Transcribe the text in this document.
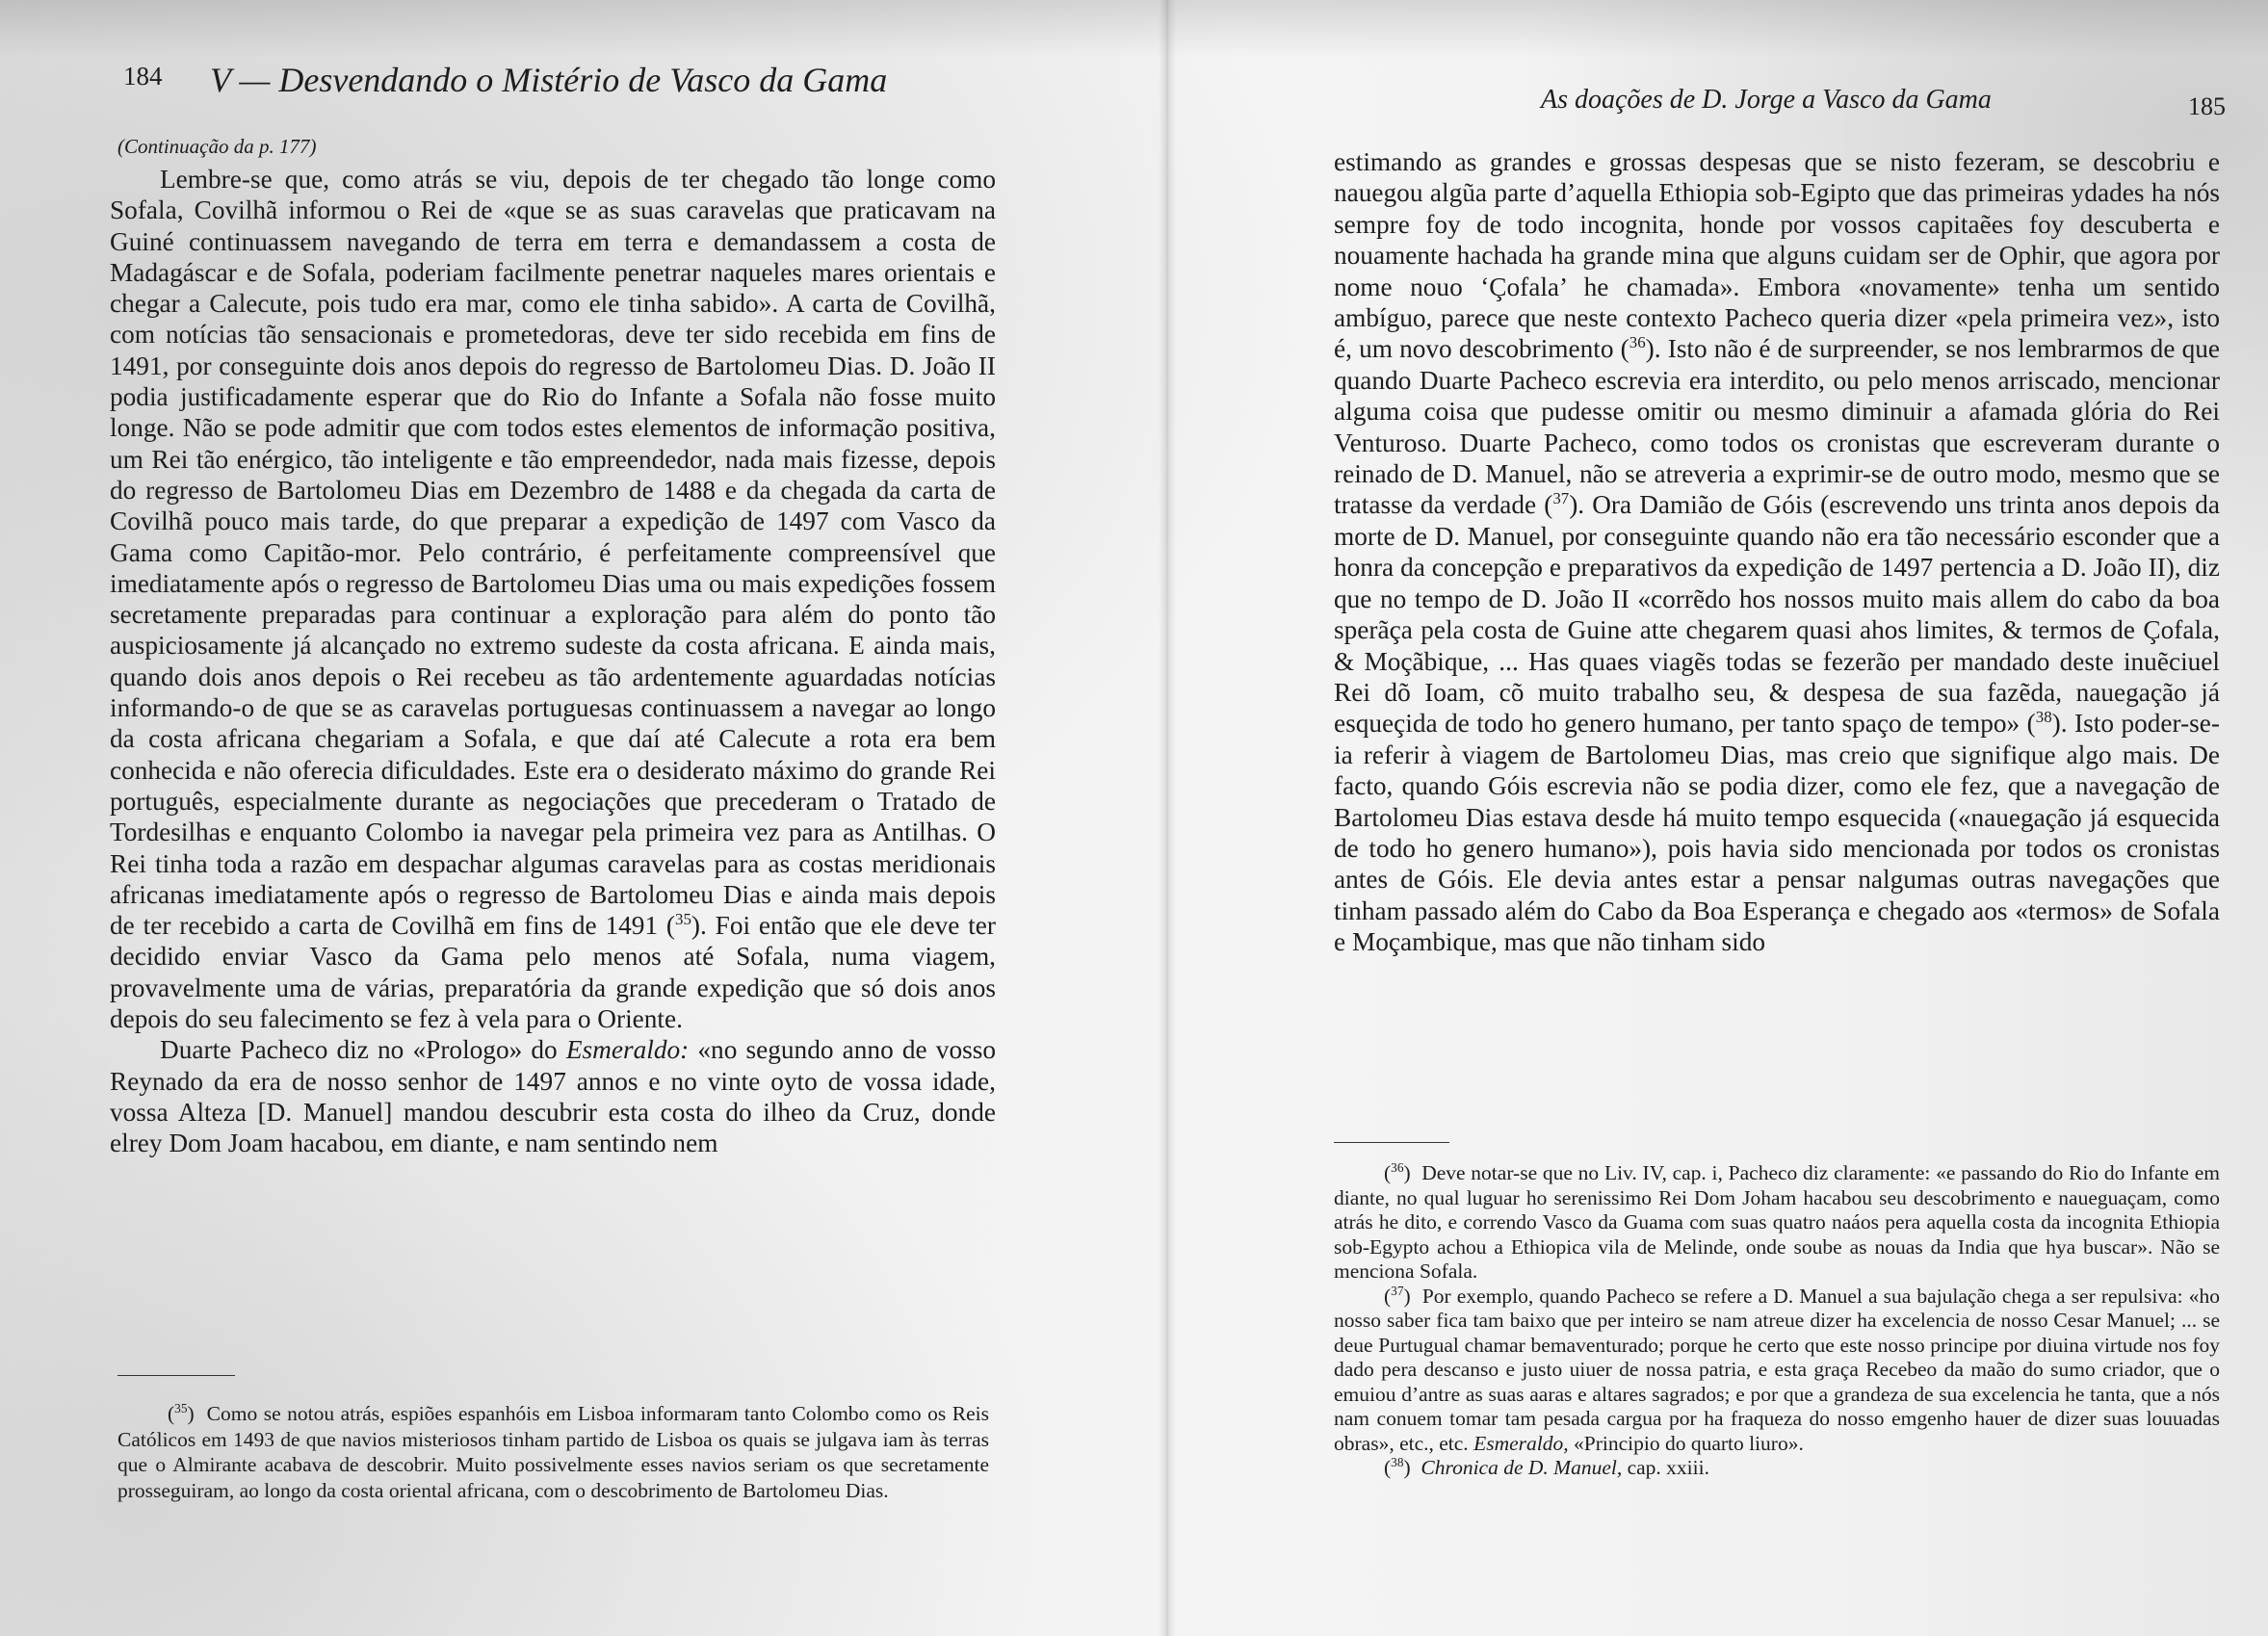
184 V — Desvendando o Mistério de Vasco da Gama
(Continuação da p. 177)

Lembre-se que, como atrás se viu, depois de ter chegado tão longe como Sofala, Covilhã informou o Rei de «que se as suas caravelas que praticavam na Guiné continuassem navegando de terra em terra e demandassem a costa de Madagáscar e de Sofala, poderiam facilmente penetrar naqueles mares orientais e chegar a Calecute, pois tudo era mar, como ele tinha sabido». A carta de Covilhã, com notícias tão sensacionais e prometedoras, deve ter sido recebida em fins de 1491, por conseguinte dois anos depois do regresso de Bartolomeu Dias. D. João II podia justificadamente esperar que do Rio do Infante a Sofala não fosse muito longe. Não se pode admitir que com todos estes elementos de informação positiva, um Rei tão enérgico, tão inteligente e tão empreendedor, nada mais fizesse, depois do regresso de Bartolomeu Dias em Dezembro de 1488 e da chegada da carta de Covilhã pouco mais tarde, do que preparar a expedição de 1497 com Vasco da Gama como Capitão-mor. Pelo contrário, é perfeitamente compreensível que imediatamente após o regresso de Bartolomeu Dias uma ou mais expedições fossem secretamente preparadas para continuar a exploração para além do ponto tão auspiciosamente já alcançado no extremo sudeste da costa africana. E ainda mais, quando dois anos depois o Rei recebeu as tão ardentemente aguardadas notícias informando-o de que se as caravelas portuguesas continuassem a navegar ao longo da costa africana chegariam a Sofala, e que daí até Calecute a rota era bem conhecida e não oferecia dificuldades. Este era o desiderato máximo do grande Rei português, especialmente durante as negociações que precederam o Tratado de Tordesilhas e enquanto Colombo ia navegar pela primeira vez para as Antilhas. O Rei tinha toda a razão em despachar algumas caravelas para as costas meridionais africanas imediatamente após o regresso de Bartolomeu Dias e ainda mais depois de ter recebido a carta de Covilhã em fins de 1491 ($^{35}$). Foi então que ele deve ter decidido enviar Vasco da Gama pelo menos até Sofala, numa viagem, provavelmente uma de várias, preparatória da grande expedição que só dois anos depois do seu falecimento se fez à vela para o Oriente.

Duarte Pacheco diz no «Prologo» do Esmeraldo: «no segundo anno de vosso Reynado da era de nosso senhor de 1497 annos e no vinte oyto de vossa idade, vossa Alteza [D. Manuel] mandou descubrir esta costa do ilheo da Cruz, donde elrey Dom Joam hacabou, em diante, e nam sentindo nem

($^{35}$)  Como se notou atrás, espiões espanhóis em Lisboa informaram tanto Colombo como os Reis Católicos em 1493 de que navios misteriosos tinham partido de Lisboa os quais se julgava iam às terras que o Almirante acabava de descobrir. Muito possivelmente esses navios seriam os que secretamente prosseguiram, ao longo da costa oriental africana, com o descobrimento de Bartolomeu Dias.

As doações de D. Jorge a Vasco da Gama	185

estimando as grandes e grossas despesas que se nisto fezeram, se descobriu e nauegou algũa parte d’aquella Ethiopia sob-Egipto que das primeiras ydades ha nós sempre foy de todo incognita, honde por vossos capitaẽes foy descuberta e nouamente hachada ha grande mina que alguns cuidam ser de Ophir, que agora por nome nouo ‘Çofala’ he chamada». Embora «novamente» tenha um sentido ambíguo, parece que neste contexto Pacheco queria dizer «pela primeira vez», isto é, um novo descobrimento ($^{36}$). Isto não é de surpreender, se nos lembrarmos de que quando Duarte Pacheco escrevia era interdito, ou pelo menos arriscado, mencionar alguma coisa que pudesse omitir ou mesmo diminuir a afamada glória do Rei Venturoso. Duarte Pacheco, como todos os cronistas que escreveram durante o reinado de D. Manuel, não se atreveria a exprimir-se de outro modo, mesmo que se tratasse da verdade ($^{37}$). Ora Damião de Góis (escrevendo uns trinta anos depois da morte de D. Manuel, por conseguinte quando não era tão necessário esconder que a honra da concepção e preparativos da expedição de 1497 pertencia a D. João II), diz que no tempo de D. João II «corrẽdo hos nossos muito mais allem do cabo da boa sperãça pela costa de Guine atte chegarem quasi ahos limites, & termos de Çofala, & Moçãbique, ... Has quaes viagẽs todas se fezerão per mandado deste inuẽciuel Rei dõ Ioam, cõ muito trabalho seu, & despesa de sua fazẽda, nauegação já esqueçida de todo ho genero humano, per tanto spaço de tempo» ($^{38}$). Isto poder-se-ia referir à viagem de Bartolomeu Dias, mas creio que signifique algo mais. De facto, quando Góis escrevia não se podia dizer, como ele fez, que a navegação de Bartolomeu Dias estava desde há muito tempo esquecida («nauegação já esquecida de todo ho genero humano»), pois havia sido mencionada por todos os cronistas antes de Góis. Ele devia antes estar a pensar nalgumas outras navegações que tinham passado além do Cabo da Boa Esperança e chegado aos «termos» de Sofala e Moçambique, mas que não tinham sido

($^{36}$)  Deve notar-se que no Liv. IV, cap. i, Pacheco diz claramente: «e passando do Rio do Infante em diante, no qual luguar ho serenissimo Rei Dom Joham hacabou seu descobrimento e naueguaçam, como atrás he dito, e correndo Vasco da Guama com suas quatro naáos pera aquella costa da incognita Ethiopia sob-Egypto achou a Ethiopica vila de Melinde, onde soube as nouas da India que hya buscar». Não se menciona Sofala.

($^{37}$)  Por exemplo, quando Pacheco se refere a D. Manuel a sua bajulação chega a ser repulsiva: «ho nosso saber fica tam baixo que per inteiro se nam atreue dizer ha excelencia de nosso Cesar Manuel; ... se deue Purtugual chamar bemaventurado; porque he certo que este nosso principe por diuina virtude nos foy dado pera descanso e justo uiuer de nossa patria, e esta graça Recebeo da maão do sumo criador, que o emuiou d’antre as suas aaras e altares sagrados; e por que a grandeza de sua excelencia he tanta, que a nós nam conuem tomar tam pesada cargua por ha fraqueza do nosso emgenho hauer de dizer suas louuadas obras», etc., etc. Esmeraldo, «Principio do quarto liuro».

($^{38}$)  Chronica de D. Manuel, cap. xxiii.
